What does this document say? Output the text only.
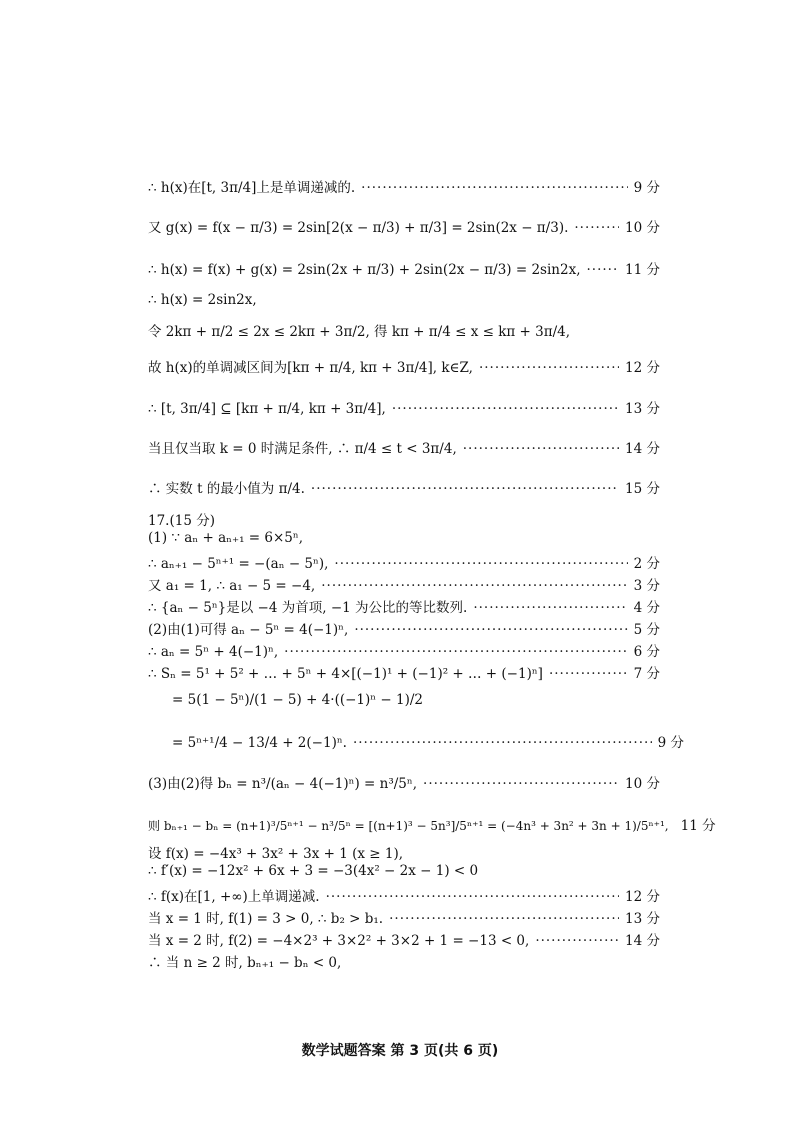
∴ h(x)在[t, 3π/4]上是单调递减的. ·····	9 分
又 g(x) = f(x − π/3) = 2sin[2(x − π/3) + π/3] = 2sin(2x − π/3). ·····	10 分
∴ h(x) = f(x) + g(x) = 2sin(2x + π/3) + 2sin(2x − π/3) = 2sin2x, ·····	11 分
∴ h(x) = 2sin2x,
令 2kπ + π/2 ≤ 2x ≤ 2kπ + 3π/2, 得 kπ + π/4 ≤ x ≤ kπ + 3π/4,
故 h(x)的单调减区间为[kπ + π/4, kπ + 3π/4], k∈Z, ·····	12 分
∴ [t, 3π/4] ⊆ [kπ + π/4, kπ + 3π/4], ·····	13 分
当且仅当取 k = 0 时满足条件, ∴ π/4 ≤ t < 3π/4, ·····	14 分
∴ 实数 t 的最小值为 π/4. ·····	15 分
17.(15 分)
(1) ∵ aₙ + aₙ₊₁ = 6×5ⁿ,
∴ aₙ₊₁ − 5ⁿ⁺¹ = −(aₙ − 5ⁿ), ·····	2 分
又 a₁ = 1, ∴ a₁ − 5 = −4, ·····	3 分
∴ {aₙ − 5ⁿ}是以 −4 为首项, −1 为公比的等比数列. ·····	4 分
(2)由(1)可得 aₙ − 5ⁿ = 4(−1)ⁿ, ·····	5 分
∴ aₙ = 5ⁿ + 4(−1)ⁿ, ·····	6 分
∴ Sₙ = 5¹ + 5² + … + 5ⁿ + 4×[(−1)¹ + (−1)² + … + (−1)ⁿ] ·····	7 分
= 5(1 − 5ⁿ)/(1 − 5) + 4·((−1)ⁿ − 1)/2
= 5ⁿ⁺¹/4 − 13/4 + 2(−1)ⁿ. ·····	9 分
(3)由(2)得 bₙ = n³/(aₙ − 4(−1)ⁿ) = n³/5ⁿ, ·····	10 分
则 bₙ₊₁ − bₙ = (n+1)³/5ⁿ⁺¹ − n³/5ⁿ = [(n+1)³ − 5n³]/5ⁿ⁺¹ = (−4n³ + 3n² + 3n + 1)/5ⁿ⁺¹, 11 分
设 f(x) = −4x³ + 3x² + 3x + 1 (x ≥ 1),
∴ f′(x) = −12x² + 6x + 3 = −3(4x² − 2x − 1) < 0
∴ f(x)在[1, +∞)上单调递减. ·····	12 分
当 x = 1 时, f(1) = 3 > 0, ∴ b₂ > b₁. ·····	13 分
当 x = 2 时, f(2) = −4×2³ + 3×2² + 3×2 + 1 = −13 < 0, ·····	14 分
∴ 当 n ≥ 2 时, bₙ₊₁ − bₙ < 0,
数学试题答案 第 3 页(共 6 页)
